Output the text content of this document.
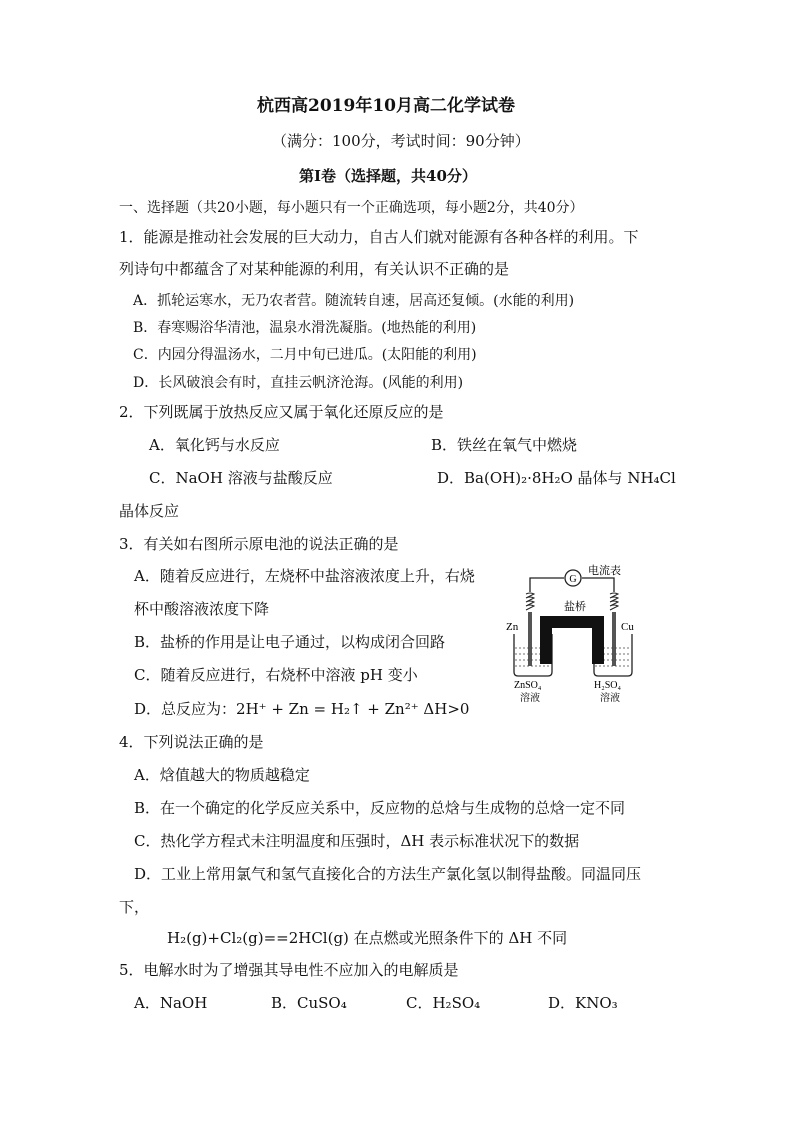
杭西高2019年10月高二化学试卷
（满分：100分，考试时间：90分钟）
第I卷（选择题，共40分）
一、选择题（共20小题，每小题只有一个正确选项，每小题2分，共40分）
1．能源是推动社会发展的巨大动力，自古人们就对能源有各种各样的利用。下
列诗句中都蕴含了对某种能源的利用，有关认识不正确的是
A．抓轮运寒水，无乃农者营。随流转自速，居高还复倾。(水能的利用)
B．春寒赐浴华清池，温泉水滑洗凝脂。(地热能的利用)
C．内园分得温汤水，二月中旬已进瓜。(太阳能的利用)
D．长风破浪会有时，直挂云帆济沧海。(风能的利用)
2．下列既属于放热反应又属于氧化还原反应的是
A．氧化钙与水反应	B．铁丝在氧气中燃烧
C．NaOH 溶液与盐酸反应	D．Ba(OH)₂·8H₂O 晶体与 NH₄Cl
晶体反应
3．有关如右图所示原电池的说法正确的是
A．随着反应进行，左烧杯中盐溶液浓度上升，右烧
杯中酸溶液浓度下降
B．盐桥的作用是让电子通过，以构成闭合回路
C．随着反应进行，右烧杯中溶液 pH 变小
D．总反应为：2H⁺ + Zn = H₂↑ + Zn²⁺ ΔH>0
G
电流表
Zn	Cu
盐桥
ZnSO₄
溶液
H₂SO₄
溶液
4．下列说法正确的是
A．焓值越大的物质越稳定
B．在一个确定的化学反应关系中，反应物的总焓与生成物的总焓一定不同
C．热化学方程式未注明温度和压强时，ΔH 表示标准状况下的数据
D．工业上常用氯气和氢气直接化合的方法生产氯化氢以制得盐酸。同温同压
下，
H₂(g)+Cl₂(g)==2HCl(g) 在点燃或光照条件下的 ΔH 不同
5．电解水时为了增强其导电性不应加入的电解质是
A．NaOH	B．CuSO₄	C．H₂SO₄	D．KNO₃
